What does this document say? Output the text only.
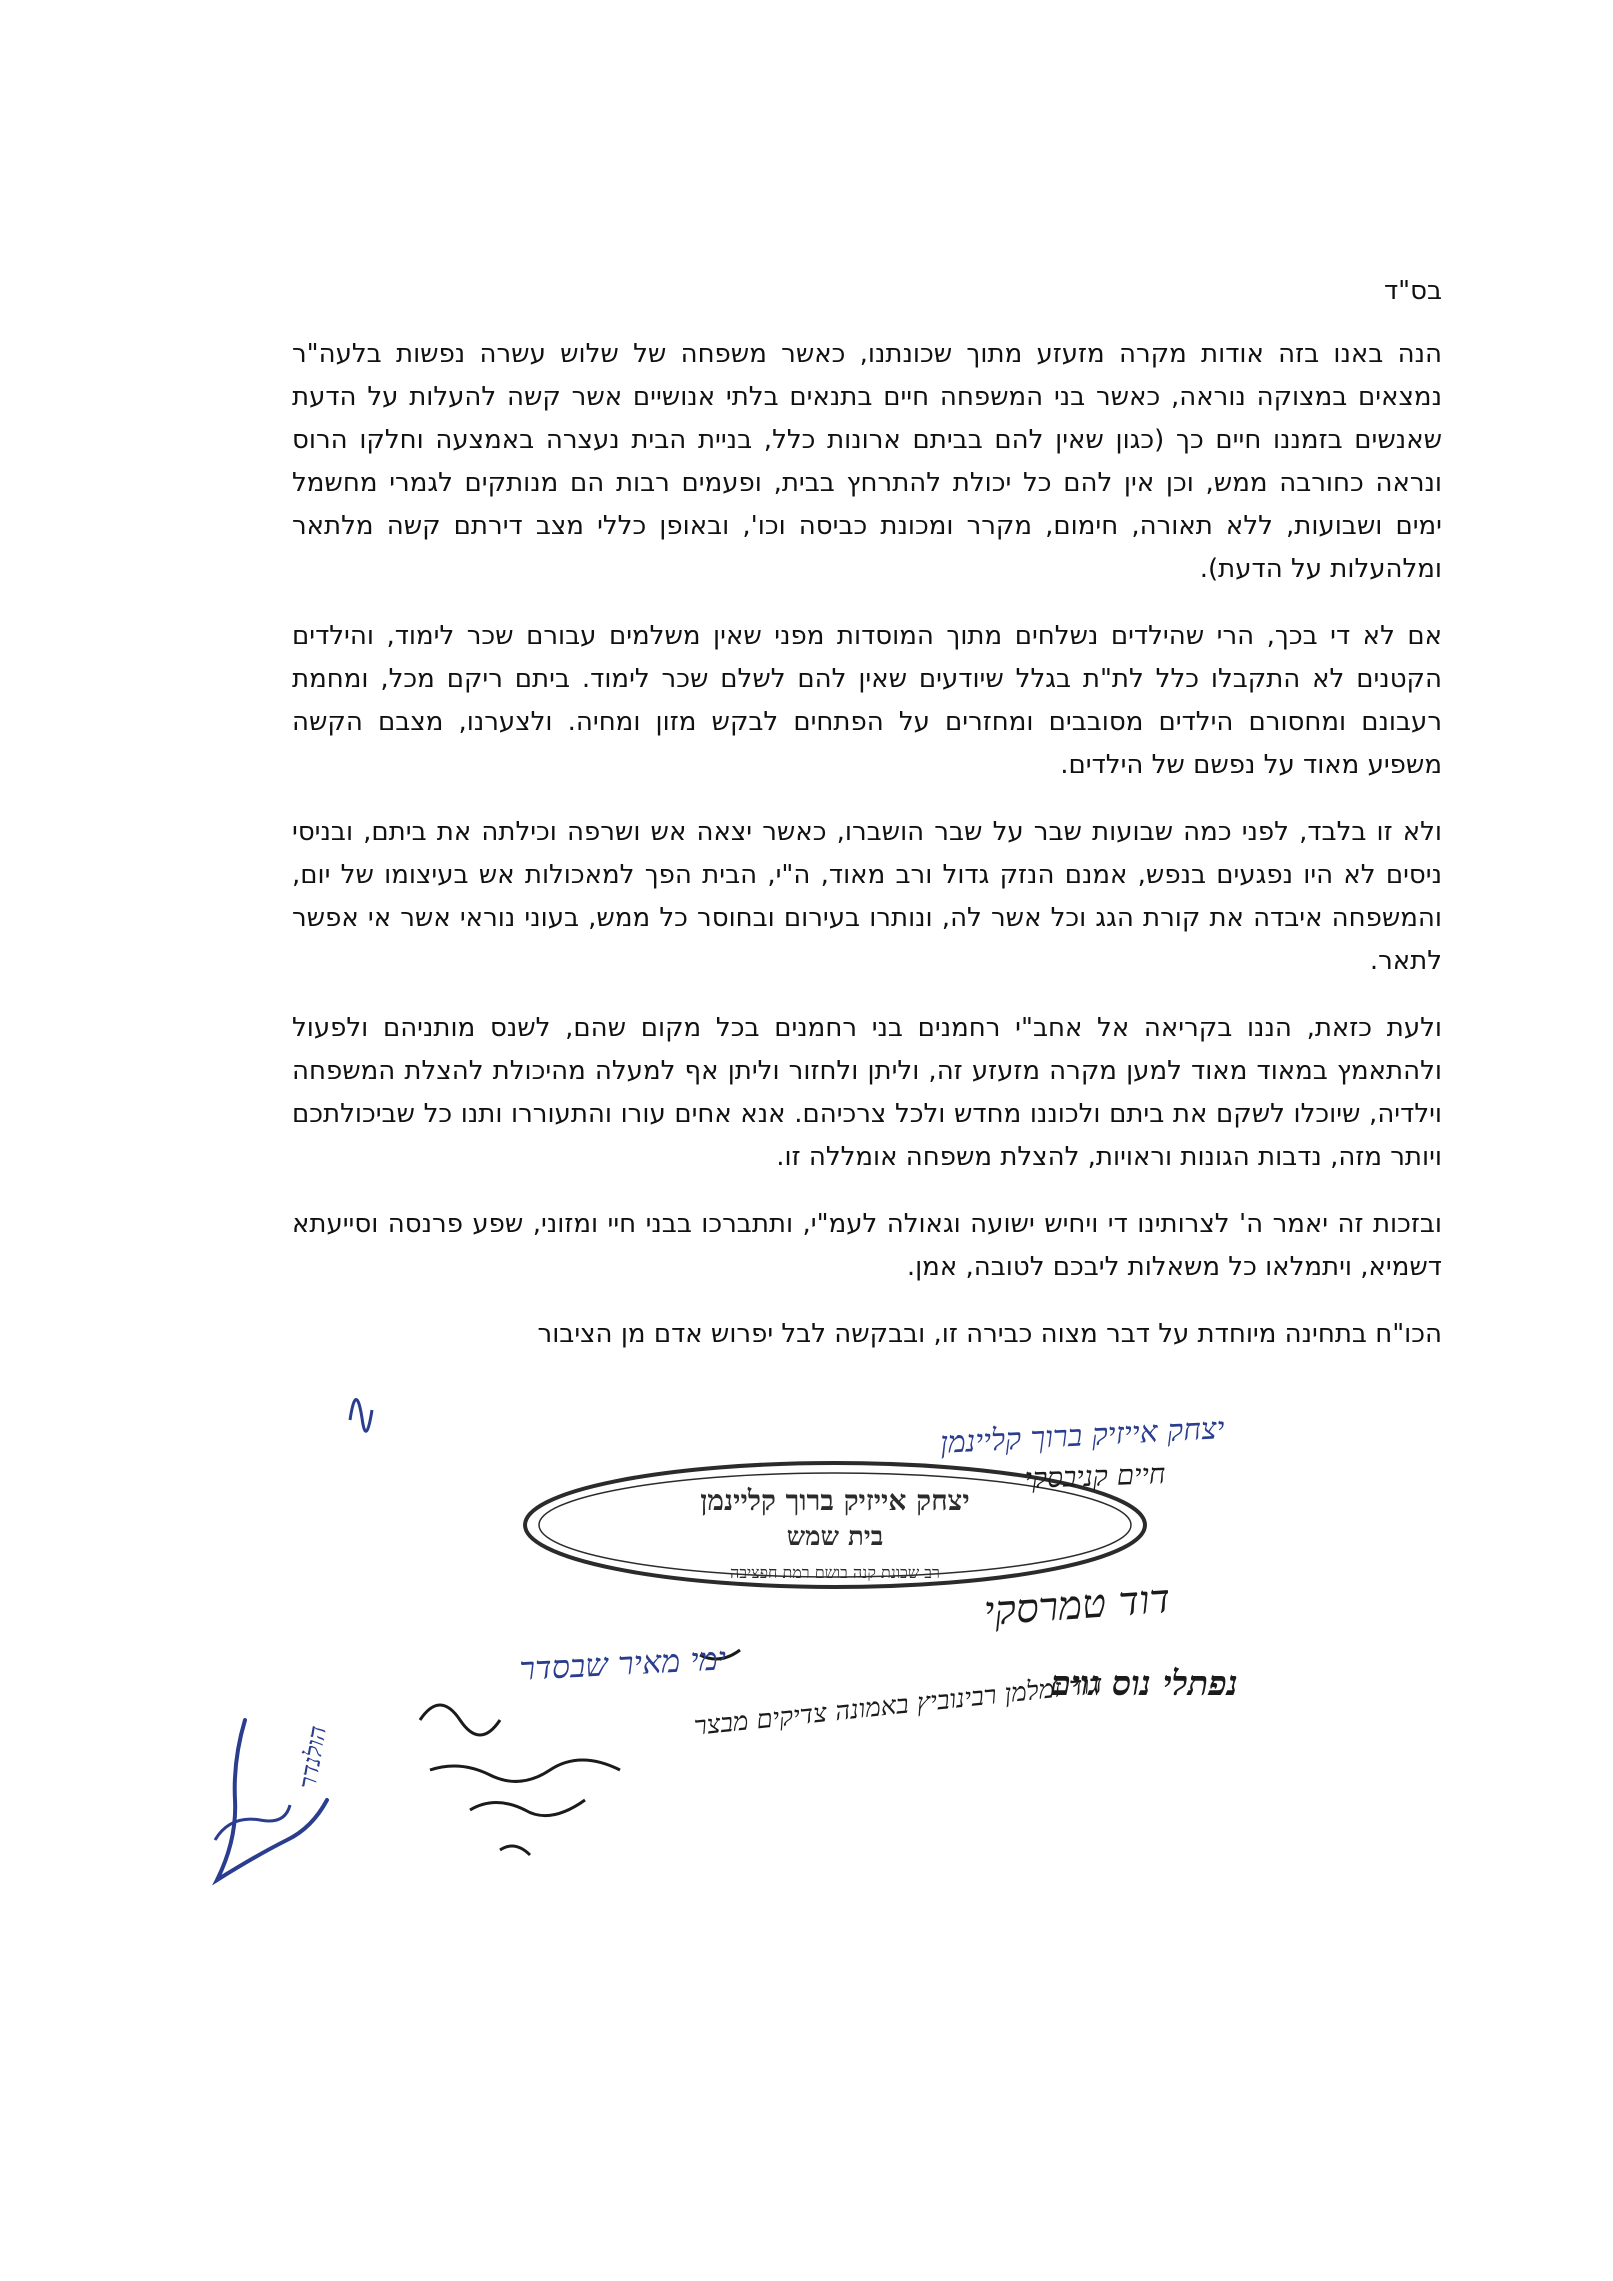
בס"ד

הנה באנו בזה אודות מקרה מזעזע מתוך שכונתנו, כאשר משפחה של שלוש עשרה נפשות בלעה"ר נמצאים במצוקה נוראה, כאשר בני המשפחה חיים בתנאים בלתי אנושיים אשר קשה להעלות על הדעת שאנשים בזמננו חיים כך (כגון שאין להם בביתם ארונות כלל, בניית הבית נעצרה באמצעה וחלקו הרוס ונראה כחורבה ממש, וכן אין להם כל יכולת להתרחץ בבית, ופעמים רבות הם מנותקים לגמרי מחשמל ימים ושבועות, ללא תאורה, חימום, מקרר ומכונת כביסה וכו', ובאופן כללי מצב דירתם קשה מלתאר ומלהעלות על הדעת).

אם לא די בכך, הרי שהילדים נשלחים מתוך המוסדות מפני שאין משלמים עבורם שכר לימוד, והילדים הקטנים לא התקבלו כלל לת"ת בגלל שיודעים שאין להם לשלם שכר לימוד. ביתם ריקם מכל, ומחמת רעבונם ומחסורם הילדים מסובבים ומחזרים על הפתחים לבקש מזון ומחיה. ולצערנו, מצבם הקשה משפיע מאוד על נפשם של הילדים.

ולא זו בלבד, לפני כמה שבועות שבר על שבר הושברו, כאשר יצאה אש ושרפה וכילתה את ביתם, ובניסי ניסים לא היו נפגעים בנפש, אמנם הנזק גדול ורב מאוד, ה"י, הבית הפך למאכולות אש בעיצומו של יום, והמשפחה איבדה את קורת הגג וכל אשר לה, ונותרו בעירום ובחוסר כל ממש, בעוני נוראי אשר אי אפשר לתאר.

ולעת כזאת, הננו בקריאה אל אחב"י רחמנים בני רחמנים בכל מקום שהם, לשנס מותניהם ולפעול ולהתאמץ במאוד מאוד למען מקרה מזעזע זה, וליתן ולחזור וליתן אף למעלה מהיכולת להצלת המשפחה וילדיה, שיוכלו לשקם את ביתם ולכוננו מחדש ולכל צרכיהם. אנא אחים עורו והתעוררו ותנו כל שביכולתכם ויותר מזה, נדבות הגונות וראויות, להצלת משפחה אומללה זו.

ובזכות זה יאמר ה' לצרותינו די ויחיש ישועה וגאולה לעמ"י, ותתברכו בבני חיי ומזוני, שפע פרנסה וסייעתא דשמיא, ויתמלאו כל משאלות ליבכם לטובה, אמן.

הכו"ח בתחינה מיוחדת על דבר מצוה כבירה זו, ובבקשה לבל יפרוש אדם מן הציבור

יצחק אייזיק ברוך קליינמן
יצחק אייזיק ברוך קליינמן
בית שמש
רב שכונת קנה בושם רמת חפציבה
חיים קניבסקי
דוד טמרסקי
נפתלי נוס גוים
ימי מאיר שבסדר
הולנדר
דוד זמלמן רבינוביץ באמונה צדיקים מבצר
